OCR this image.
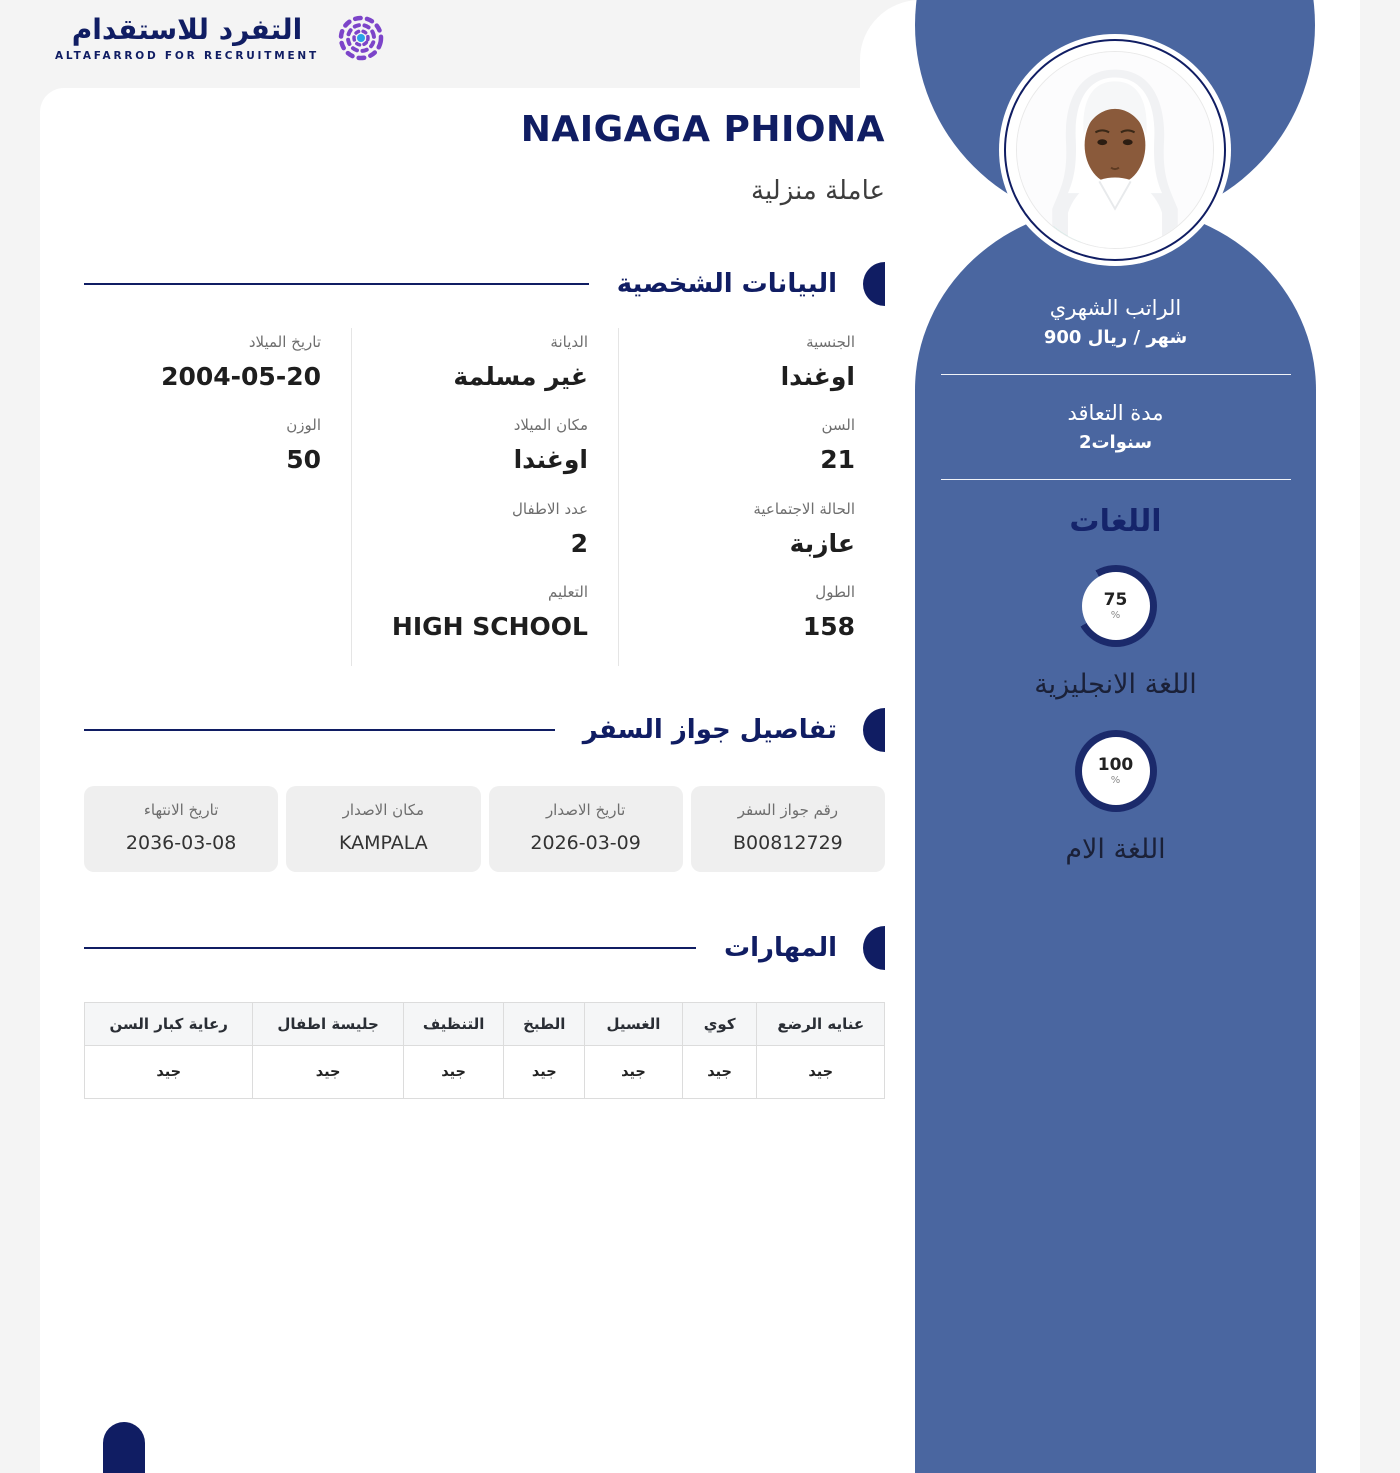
التفرد للاستقدام
ALTAFARROD FOR RECRUITMENT
الراتب الشهري
900 ريال / شهر
مدة التعاقد
2سنوات
اللغات
75
%
اللغة الانجليزية
100
%
اللغة الام
NAIGAGA PHIONA
عاملة منزلية
البيانات الشخصية
الجنسية
اوغندا
السن
21
الحالة الاجتماعية
عازبة
الطول
158
الديانة
غير مسلمة
مكان الميلاد
اوغندا
عدد الاطفال
2
التعليم
HIGH SCHOOL
تاريخ الميلاد
2004-05-20
الوزن
50
تفاصيل جواز السفر
رقم جواز السفر
B00812729
تاريخ الاصدار
2026-03-09
مكان الاصدار
KAMPALA
تاريخ الانتهاء
2036-03-08
المهارات
عنايه الرضع
كوي
الغسيل
الطبخ
التنظيف
جليسة اطفال
رعاية كبار السن
جيد
جيد
جيد
جيد
جيد
جيد
جيد
